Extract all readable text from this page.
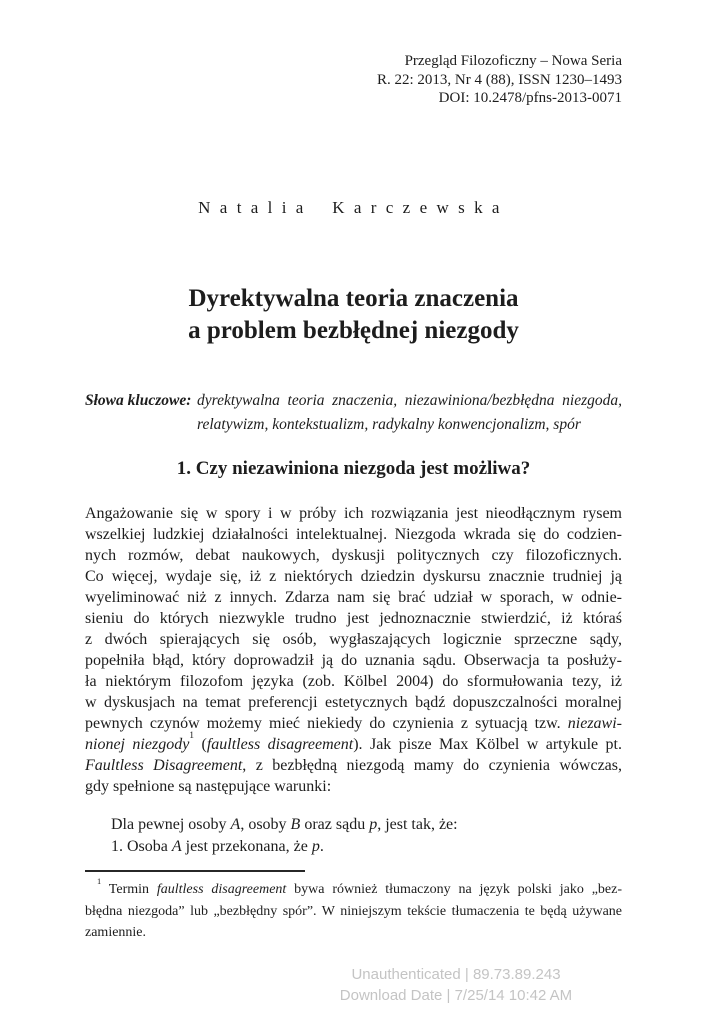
Przegląd Filozoficzny – Nowa Seria
R. 22: 2013, Nr 4 (88), ISSN 1230–1493
DOI: 10.2478/pfns-2013-0071
Natalia Karczewska
Dyrektywalna teoria znaczenia
a problem bezbłędnej niezgody
Słowa kluczowe: dyrektywalna teoria znaczenia, niezawiniona/bezbłędna niezgoda,
relatywizm, kontekstualizm, radykalny konwencjonalizm, spór
1. Czy niezawiniona niezgoda jest możliwa?
Angażowanie się w spory i w próby ich rozwiązania jest nieodłącznym rysem
wszelkiej ludzkiej działalności intelektualnej. Niezgoda wkrada się do codzien-
nych rozmów, debat naukowych, dyskusji politycznych czy filozoficznych.
Co więcej, wydaje się, iż z niektórych dziedzin dyskursu znacznie trudniej ją
wyeliminować niż z innych. Zdarza nam się brać udział w sporach, w odnie-
sieniu do których niezwykle trudno jest jednoznacznie stwierdzić, iż któraś
z dwóch spierających się osób, wygłaszających logicznie sprzeczne sądy,
popełniła błąd, który doprowadził ją do uznania sądu. Obserwacja ta posłuży-
ła niektórym filozofom języka (zob. Kölbel 2004) do sformułowania tezy, iż
w dyskusjach na temat preferencji estetycznych bądź dopuszczalności moralnej
pewnych czynów możemy mieć niekiedy do czynienia z sytuacją tzw. niezawi-
nionej niezgody$^1$ (faultless disagreement). Jak pisze Max Kölbel w artykule pt.
Faultless Disagreement, z bezbłędną niezgodą mamy do czynienia wówczas,
gdy spełnione są następujące warunki:
Dla pewnej osoby A, osoby B oraz sądu p, jest tak, że:
1. Osoba A jest przekonana, że p.
$^1$ Termin faultless disagreement bywa również tłumaczony na język polski jako „bez-
błędna niezgoda” lub „bezbłędny spór”. W niniejszym tekście tłumaczenia te będą używane
zamiennie.
Unauthenticated | 89.73.89.243
Download Date | 7/25/14 10:42 AM
